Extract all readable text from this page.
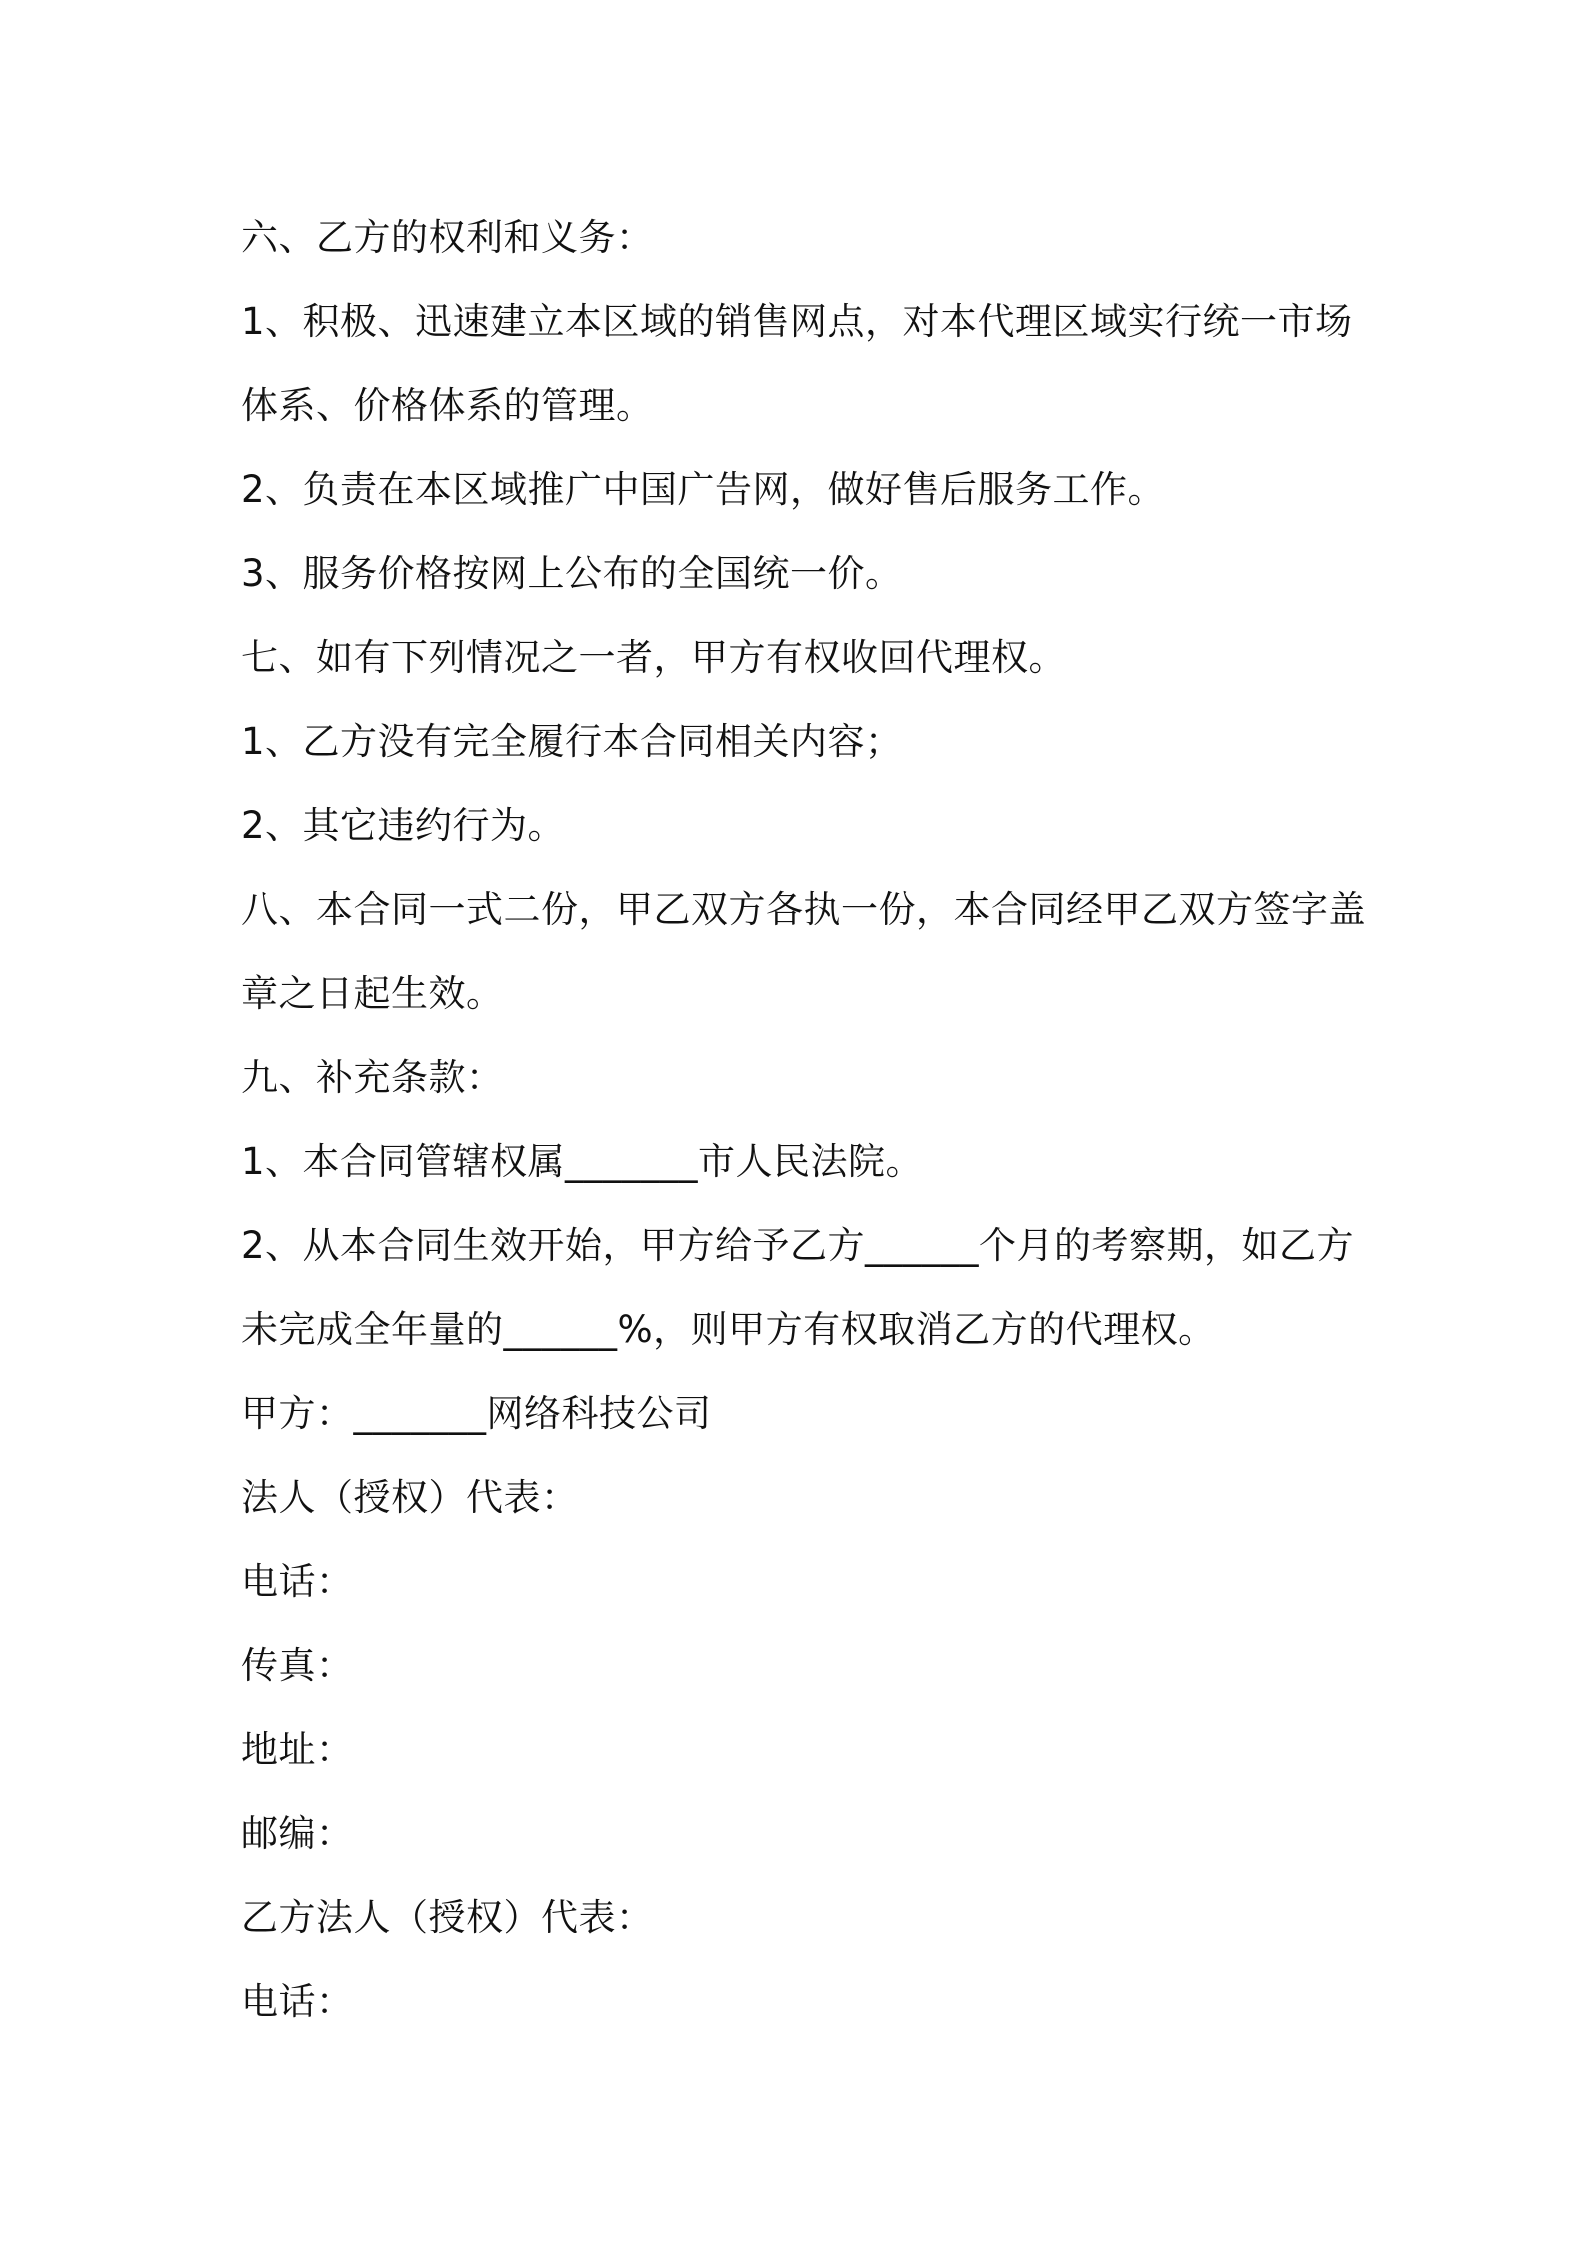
六、乙方的权利和义务：
1、积极、迅速建立本区域的销售网点，对本代理区域实行统一市场
体系、价格体系的管理。
2、负责在本区域推广中国广告网，做好售后服务工作。
3、服务价格按网上公布的全国统一价。
七、如有下列情况之一者，甲方有权收回代理权。
1、乙方没有完全履行本合同相关内容；
2、其它违约行为。
八、本合同一式二份，甲乙双方各执一份，本合同经甲乙双方签字盖
章之日起生效。
九、补充条款：
1、本合同管辖权属_______市人民法院。
2、从本合同生效开始，甲方给予乙方______个月的考察期，如乙方
未完成全年量的______%，则甲方有权取消乙方的代理权。
甲方：_______网络科技公司
法人（授权）代表：
电话：
传真：
地址：
邮编：
乙方法人（授权）代表：
电话：
